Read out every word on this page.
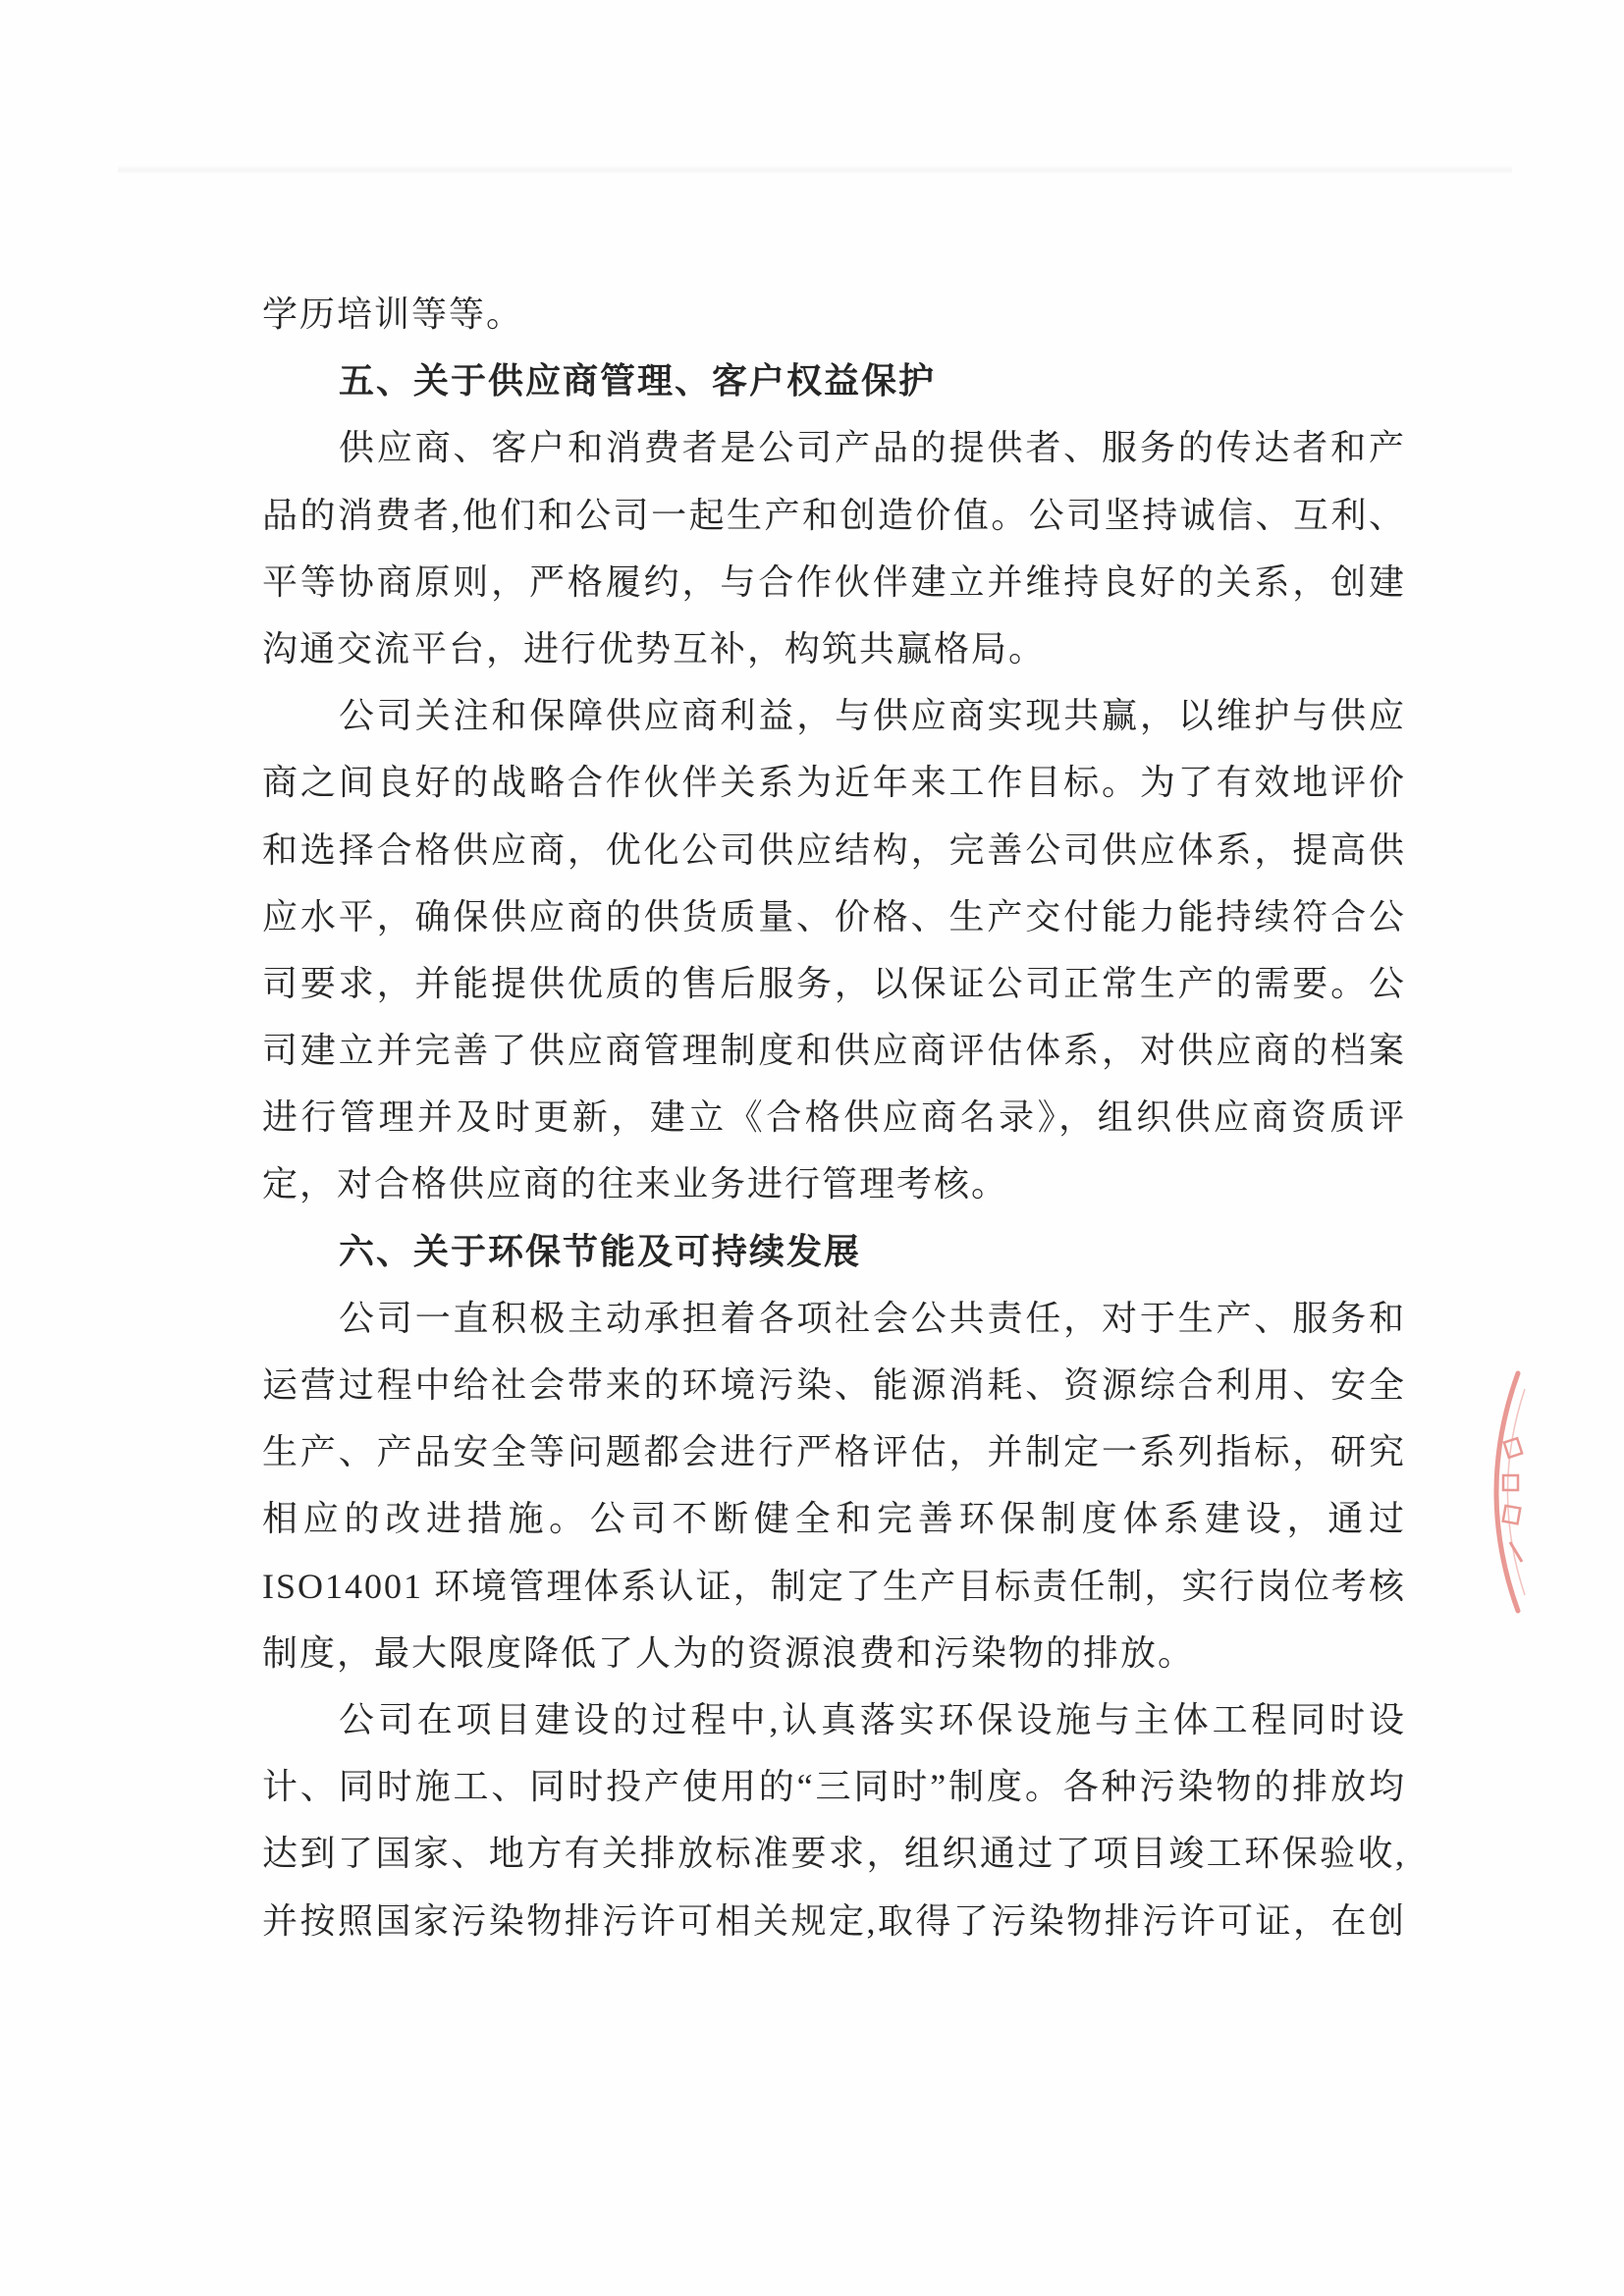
学历培训等等。
五、关于供应商管理、客户权益保护
供应商、客户和消费者是公司产品的提供者、服务的传达者和产
品的消费者,他们和公司一起生产和创造价值。公司坚持诚信、互利、
平等协商原则，严格履约，与合作伙伴建立并维持良好的关系，创建
沟通交流平台，进行优势互补，构筑共赢格局。
公司关注和保障供应商利益，与供应商实现共赢，以维护与供应
商之间良好的战略合作伙伴关系为近年来工作目标。为了有效地评价
和选择合格供应商，优化公司供应结构，完善公司供应体系，提高供
应水平，确保供应商的供货质量、价格、生产交付能力能持续符合公
司要求，并能提供优质的售后服务，以保证公司正常生产的需要。公
司建立并完善了供应商管理制度和供应商评估体系，对供应商的档案
进行管理并及时更新，建立《合格供应商名录》，组织供应商资质评
定，对合格供应商的往来业务进行管理考核。
六、关于环保节能及可持续发展
公司一直积极主动承担着各项社会公共责任，对于生产、服务和
运营过程中给社会带来的环境污染、能源消耗、资源综合利用、安全
生产、产品安全等问题都会进行严格评估，并制定一系列指标，研究
相应的改进措施。公司不断健全和完善环保制度体系建设，通过
ISO14001 环境管理体系认证，制定了生产目标责任制，实行岗位考核
制度，最大限度降低了人为的资源浪费和污染物的排放。
公司在项目建设的过程中,认真落实环保设施与主体工程同时设
计、同时施工、同时投产使用的“三同时”制度。各种污染物的排放均
达到了国家、地方有关排放标准要求，组织通过了项目竣工环保验收,
并按照国家污染物排污许可相关规定,取得了污染物排污许可证，在创
